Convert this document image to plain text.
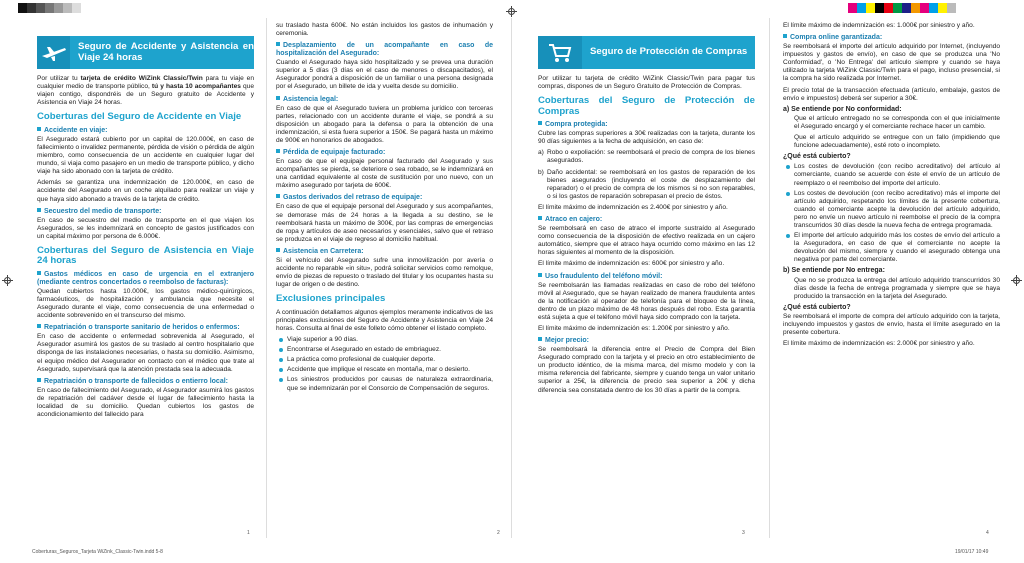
Seguro de Accidente y Asistencia en Viaje 24 horas

Por utilizar tu tarjeta de crédito WiZink Classic/Twin para tu viaje en cualquier medio de transporte público, tú y hasta 10 acompañantes que viajen contigo, dispondréis de un Seguro gratuito de Accidente y Asistencia en Viaje 24 horas.

Coberturas del Seguro de Accidente en Viaje
Accidente en viaje:

El Asegurado estará cubierto por un capital de 120.000€, en caso de fallecimiento o invalidez permanente, pérdida de visión o pérdida de algún miembro, como consecuencia de un accidente en cualquier lugar del mundo, si viaja como pasajero en un medio de transporte público, y dicho viaje ha sido abonado con la tarjeta de crédito.

Además se garantiza una indemnización de 120.000€, en caso de accidente del Asegurado en un coche alquilado para realizar un viaje y que haya sido abonado a través de la tarjeta de crédito.

Secuestro del medio de transporte:

En caso de secuestro del medio de transporte en el que viajen los Asegurados, se les indemnizará en concepto de gastos justificados con un capital máximo por persona de 6.000€.

Coberturas del Seguro de Asistencia en Viaje 24 horas
Gastos médicos en caso de urgencia en el extranjero (mediante centros concertados o reembolso de facturas):

Quedan cubiertos hasta 10.000€, los gastos médico-quirúrgicos, farmacéuticos, de hospitalización y ambulancia que necesite el Asegurado durante el viaje, como consecuencia de una enfermedad o accidente sobrevenido en el transcurso del mismo.

Repatriación o transporte sanitario de heridos o enfermos:

En caso de accidente o enfermedad sobrevenida al Asegurado, el Asegurador asumirá los gastos de su traslado al centro hospitalario que disponga de las instalaciones necesarias, o hasta su domicilio. Asimismo, el equipo médico del Asegurador en contacto con el médico que trate al Asegurado, supervisará que la atención prestada sea la adecuada.

Repatriación o transporte de fallecidos o entierro local:

En caso de fallecimiento del Asegurado, el Asegurador asumirá los gastos de repatriación del cadáver desde el lugar de fallecimiento hasta la localidad de su domicilio. Quedan cubiertos los gastos de acondicionamiento del fallecido para

su traslado hasta 600€. No están incluidos los gastos de inhumación y ceremonia.

Desplazamiento de un acompañante en caso de hospitalización del Asegurado:

Cuando el Asegurado haya sido hospitalizado y se prevea una duración superior a 5 días (3 días en el caso de menores o discapacitados), el Asegurador pondrá a disposición de un familiar o una persona designada por el Asegurado, un billete de ida y vuelta desde su domicilio.

Asistencia legal:

En caso de que el Asegurado tuviera un problema jurídico con terceras partes, relacionado con un accidente durante el viaje, se pondrá a su disposición un abogado para la defensa o para la obtención de una indemnización, si esta fuera superior a 150€. Se pagará hasta un máximo de 900€ en honorarios de abogados.

Pérdida de equipaje facturado:

En caso de que el equipaje personal facturado del Asegurado y sus acompañantes se pierda, se deteriore o sea robado, se le indemnizará en una cantidad equivalente al coste de sustitución por uno nuevo, con un máximo asegurado por tarjeta de 600€.

Gastos derivados del retraso de equipaje:

En caso de que el equipaje personal del Asegurado y sus acompañantes, se demorase más de 24 horas a la llegada a su destino, se le reembolsará hasta un máximo de 300€, por las compras de emergencias de ropa y artículos de aseo necesarios y esenciales, salvo que el retraso se produzca en el viaje de regreso al domicilio habitual.

Asistencia en Carretera:

Si el vehículo del Asegurado sufre una inmovilización por avería o accidente no reparable «in situ», podrá solicitar servicios como remolque, envío de piezas de repuesto o traslado del titular y los ocupantes hasta su lugar de origen o de destino.

Exclusiones principales

A continuación detallamos algunos ejemplos meramente indicativos de las principales exclusiones del Seguro de Accidente y Asistencia en Viaje 24 horas. Consulta al final de este folleto cómo obtener el listado completo.

Viaje superior a 90 días.
Encontrarse el Asegurado en estado de embriaguez.
La práctica como profesional de cualquier deporte.
Accidente que implique el rescate en montaña, mar o desierto.
Los siniestros producidos por causas de naturaleza extraordinaria, que se indemnizarán por el Consorcio de Compensación de seguros.
Seguro de Protección de Compras

Por utilizar tu tarjeta de crédito WiZink Classic/Twin para pagar tus compras, dispones de un Seguro Gratuito de Protección de Compras.

Coberturas del Seguro de Protección de Compras
Compra protegida:

Cubre las compras superiores a 30€ realizadas con la tarjeta, durante los 90 días siguientes a la fecha de adquisición, en caso de:

a) Robo o expoliación: se reembolsará el precio de compra de los bienes asegurados.
b) Daño accidental: se reembolsará en los gastos de reparación de los bienes asegurados (incluyendo el coste de desplazamiento del reparador) o el precio de compra de los mismos si no son reparables, o si los gastos de reparación sobrepasan el precio de éstos.

El límite máximo de indemnización es 2.400€ por siniestro y año.

Atraco en cajero:

Se reembolsará en caso de atraco el importe sustraído al Asegurado como consecuencia de la disposición de efectivo realizada en un cajero automático, siempre que el atraco haya ocurrido como máximo en las 12 horas siguientes al momento de la disposición.

El límite máximo de indemnización es: 600€ por siniestro y año.

Uso fraudulento del teléfono móvil:

Se reembolsarán las llamadas realizadas en caso de robo del teléfono móvil al Asegurado, que se hayan realizado de manera fraudulenta antes de la notificación al operador de telefonía para el bloqueo de la línea, dentro de un plazo máximo de 48 horas después del robo. Esta garantía está sujeta a que el teléfono móvil haya sido comprado con la tarjeta.

El límite máximo de indemnización es: 1.200€ por siniestro y año.

Mejor precio:

Se reembolsará la diferencia entre el Precio de Compra del Bien Asegurado comprado con la tarjeta y el precio en otro establecimiento de un producto idéntico, de la misma marca, del mismo modelo y con la misma referencia del fabricante, siempre y cuando tenga un valor unitario superior a 25€, la diferencia de precio sea superior a 20€ y dicha diferencia sea constatada dentro de los 30 días a partir de la compra.

El límite máximo de indemnización es: 1.000€ por siniestro y año.

Compra online garantizada:

Se reembolsará el importe del artículo adquirido por Internet, (incluyendo impuestos y gastos de envío), en caso de que se produzca una 'No Conformidad', o 'No Entrega' del artículo siempre y cuando se haya utilizado la tarjeta WiZink Classic/Twin para el pago, incluso presencial, si la compra ha sido realizada por Internet.

El precio total de la transacción efectuada (artículo, embalaje, gastos de envío e impuestos) deberá ser superior a 30€.

a) Se entiende por No conformidad:

Que el artículo entregado no se corresponda con el que inicialmente el Asegurado encargó y el comerciante rechace hacer un cambio.

Que el artículo adquirido se entregue con un fallo (impidiendo que funcione adecuadamente), esté roto o incompleto.

¿Qué está cubierto?
Los costes de devolución (con recibo acreditativo) del artículo al comerciante, cuando se acuerde con éste el envío de un artículo de reemplazo o el reembolso del importe del artículo.
Los costes de devolución (con recibo acreditativo) más el importe del artículo adquirido, respetando los límites de la presente cobertura, cuando el comerciante acepte la devolución del artículo adquirido, pero no envíe un nuevo artículo ni reembolse el precio de la compra transcurridos 30 días desde la nueva fecha de entrega programada.
El importe del artículo adquirido más los costes de envío del artículo a la Aseguradora, en caso de que el comerciante no acepte la devolución del mismo, siempre y cuando el asegurado obtenga una negativa por parte del comerciante.
b) Se entiende por No entrega:

Que no se produzca la entrega del artículo adquirido transcurridos 30 días desde la fecha de entrega programada y siempre que se haya producido la transacción en la tarjeta del Asegurado.

¿Qué está cubierto?

Se reembolsará el importe de compra del artículo adquirido con la tarjeta, incluyendo impuestos y gastos de envío, hasta el límite asegurado en la presente cobertura.

El límite máximo de indemnización es: 2.000€ por siniestro y año.

1	2	3	4
Coberturas_Seguros_Tarjeta WiZink_Classic-Twin.indd 5-8	19/01/17 10:49
